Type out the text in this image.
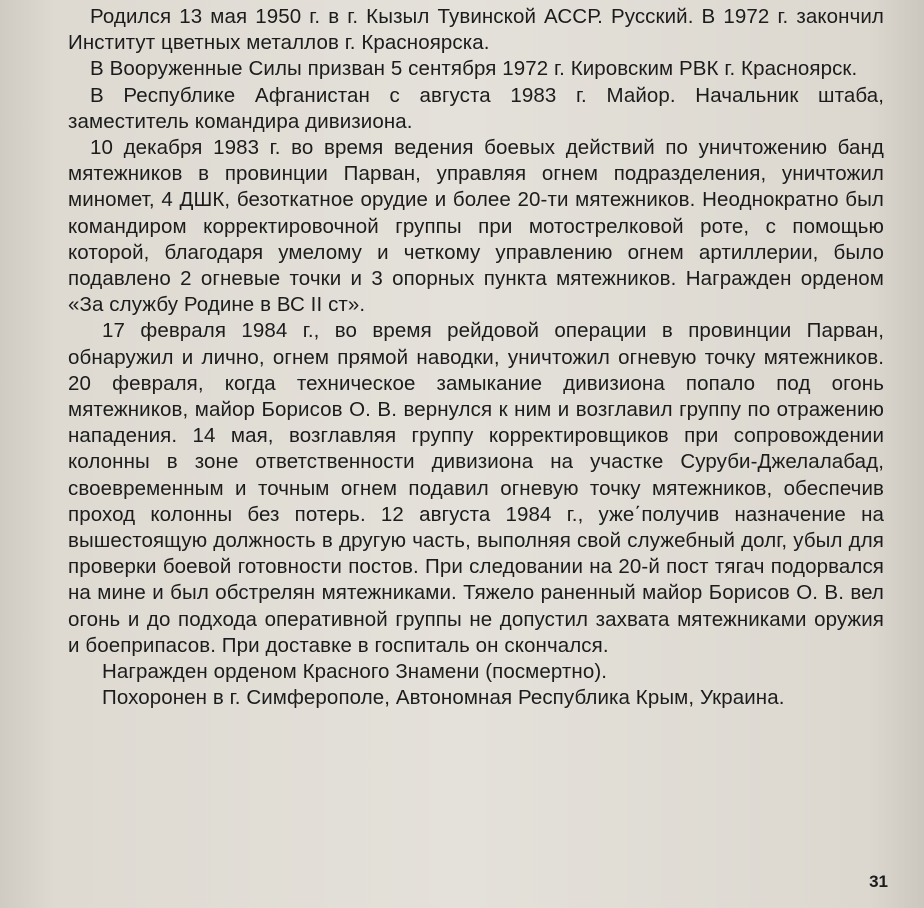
Родился 13 мая 1950 г. в г. Кызыл Тувинской АССР. Русский. В 1972 г. закончил Институт цветных металлов г. Красноярска.

В Вооруженные Силы призван 5 сентября 1972 г. Кировским РВК г. Красноярск.

В Республике Афганистан с августа 1983 г. Майор. Начальник штаба, заместитель командира дивизиона.

10 декабря 1983 г. во время ведения боевых действий по уничтожению банд мятежников в провинции Парван, управляя огнем подразделения, уничтожил миномет, 4 ДШК, безоткатное орудие и более 20-ти мятежников. Неоднократно был командиром корректировочной группы при мотострелковой роте, с помощью которой, благодаря умелому и четкому управлению огнем артиллерии, было подавлено 2 огневые точки и 3 опорных пункта мятежников. Награжден орденом «За службу Родине в ВС II ст».

17 февраля 1984 г., во время рейдовой операции в провинции Парван, обнаружил и лично, огнем прямой наводки, уничтожил огневую точку мятежников. 20 февраля, когда техническое замыкание дивизиона попало под огонь мятежников, майор Борисов О. В. вернулся к ним и возглавил группу по отражению нападения. 14 мая, возглавляя группу корректировщиков при сопровождении колонны в зоне ответственности дивизиона на участке Суруби-Джелалабад, своевременным и точным огнем подавил огневую точку мятежников, обеспечив проход колонны без потерь. 12 августа 1984 г., уже΄получив назначение на вышестоящую должность в другую часть, выполняя свой служебный долг, убыл для проверки боевой готовности постов. При следовании на 20-й пост тягач подорвался на мине и был обстрелян мятежниками. Тяжело раненный майор Борисов О. В. вел огонь и до подхода оперативной группы не допустил захвата мятежниками оружия и боеприпасов. При доставке в госпиталь он скончался.

Награжден орденом Красного Знамени (посмертно).

Похоронен в г. Симферополе, Автономная Республика Крым, Украина.

31
